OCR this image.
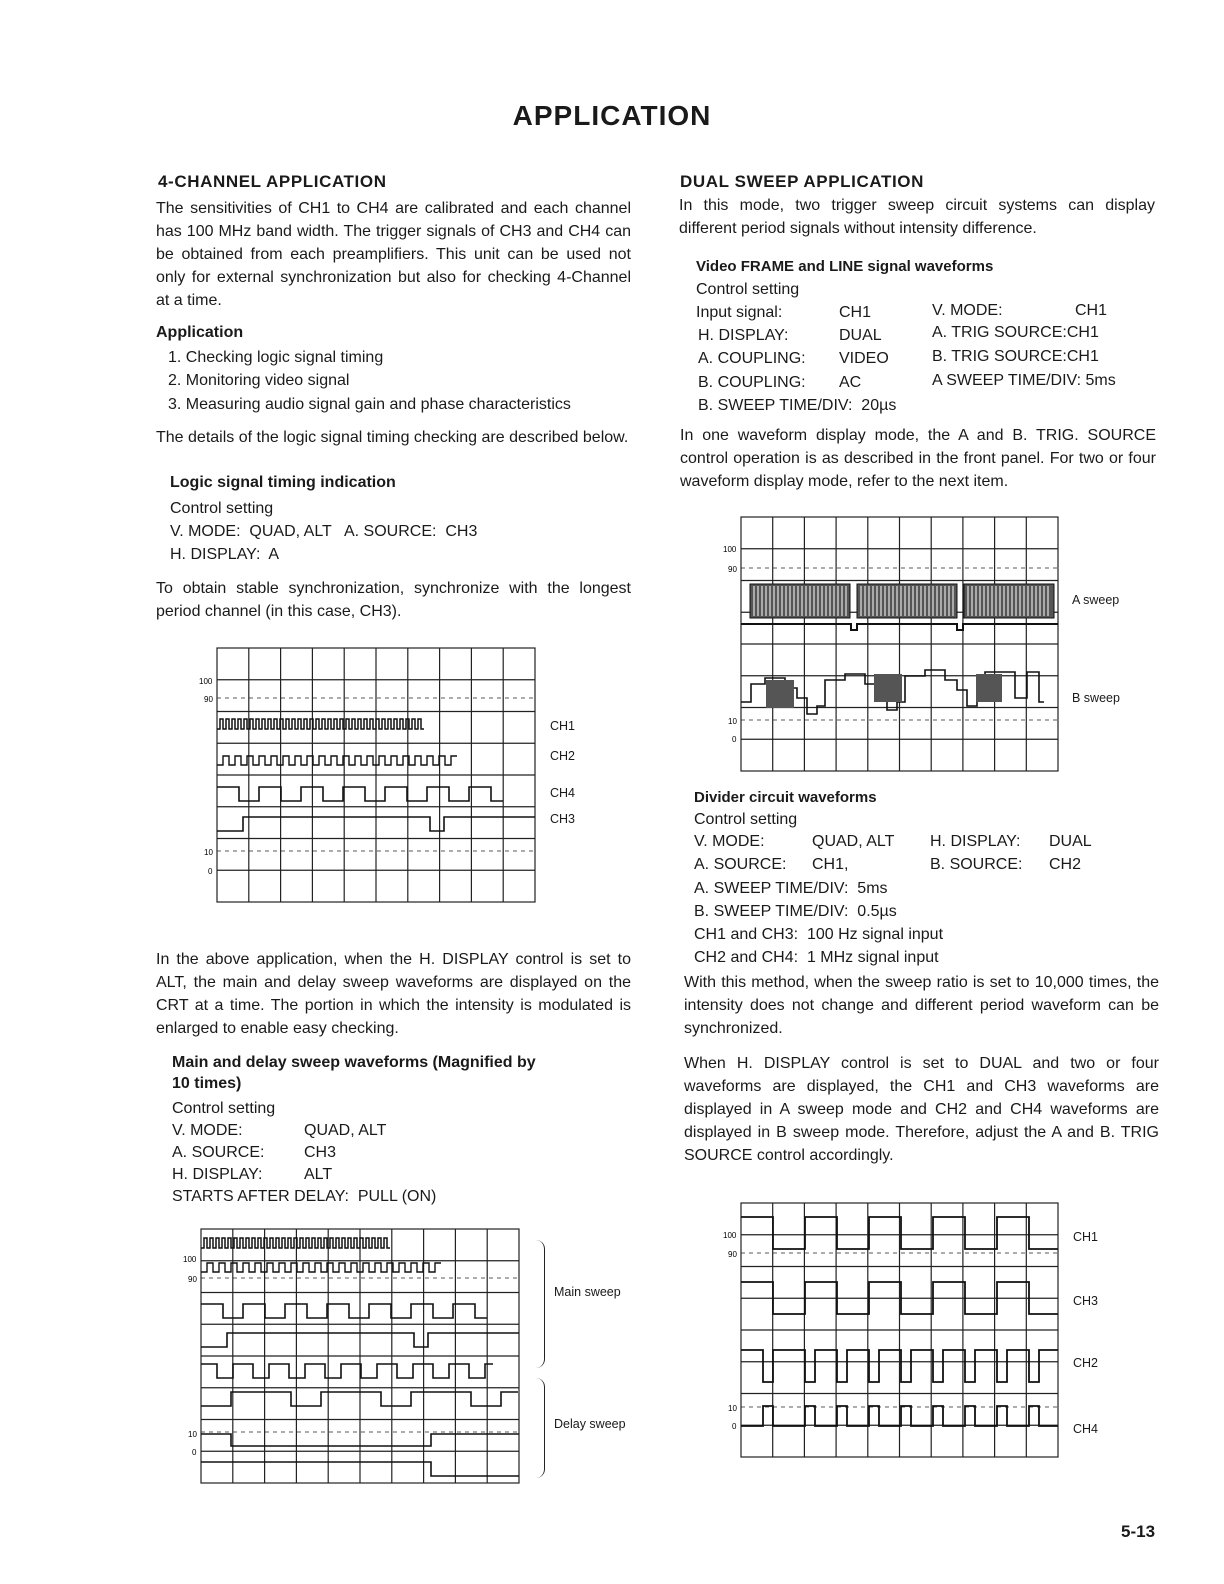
APPLICATION
4-CHANNEL APPLICATION
The sensitivities of CH1 to CH4 are calibrated and each channel has 100 MHz band width. The trigger signals of CH3 and CH4 can be obtained from each preamplifiers. This unit can be used not only for external synchronization but also for checking 4-Channel at a time.
Application
1. Checking logic signal timing
2. Monitoring video signal
3. Measuring audio signal gain and phase characteristics
The details of the logic signal timing checking are described below.
Logic signal timing indication
Control setting
V. MODE:  QUAD, ALT   A. SOURCE:  CH3
H. DISPLAY:  A
To obtain stable synchronization, synchronize with the longest period channel (in this case, CH3).
100
90
10
0
CH1
CH2
CH4
CH3
In the above application, when the H. DISPLAY control is set to ALT, the main and delay sweep waveforms are displayed on the CRT at a time. The portion in which the intensity is modulated is enlarged to enable easy checking.
Main and delay sweep waveforms (Magnified by
10 times)
Control setting
V. MODE:	QUAD, ALT
A. SOURCE: CH3
H. DISPLAY:	ALT
STARTS AFTER DELAY:  PULL (ON)
100
90
10
0
Main sweep
Delay sweep
DUAL SWEEP APPLICATION
In this mode, two trigger sweep circuit systems can display different period signals without intensity difference.
Video FRAME and LINE signal waveforms
Control setting
Input signal:	CH1	V. MODE:	CH1
H. DISPLAY:	DUAL	A. TRIG SOURCE:CH1
A. COUPLING: VIDEO	B. TRIG SOURCE:CH1
B. COUPLING: AC	A SWEEP TIME/DIV: 5ms
B. SWEEP TIME/DIV:  20µs
In one waveform display mode, the A and B. TRIG. SOURCE control operation is as described in the front panel. For two or four waveform display mode, refer to the next item.
100
90
10
0
A sweep
B sweep
Divider circuit waveforms
Control setting
V. MODE:	QUAD, ALT H. DISPLAY: DUAL
A. SOURCE: CH1,	B. SOURCE: CH2
A. SWEEP TIME/DIV:  5ms
B. SWEEP TIME/DIV:  0.5µs
CH1 and CH3:  100 Hz signal input
CH2 and CH4:  1 MHz signal input
With this method, when the sweep ratio is set to 10,000 times, the intensity does not change and different period waveform can be synchronized.
When H. DISPLAY control is set to DUAL and two or four waveforms are displayed, the CH1 and CH3 waveforms are displayed in A sweep mode and CH2 and CH4 waveforms are displayed in B sweep mode. Therefore, adjust the A and B. TRIG SOURCE control accordingly.
100
90
10
0
CH1
CH3
CH2
CH4
5-13
